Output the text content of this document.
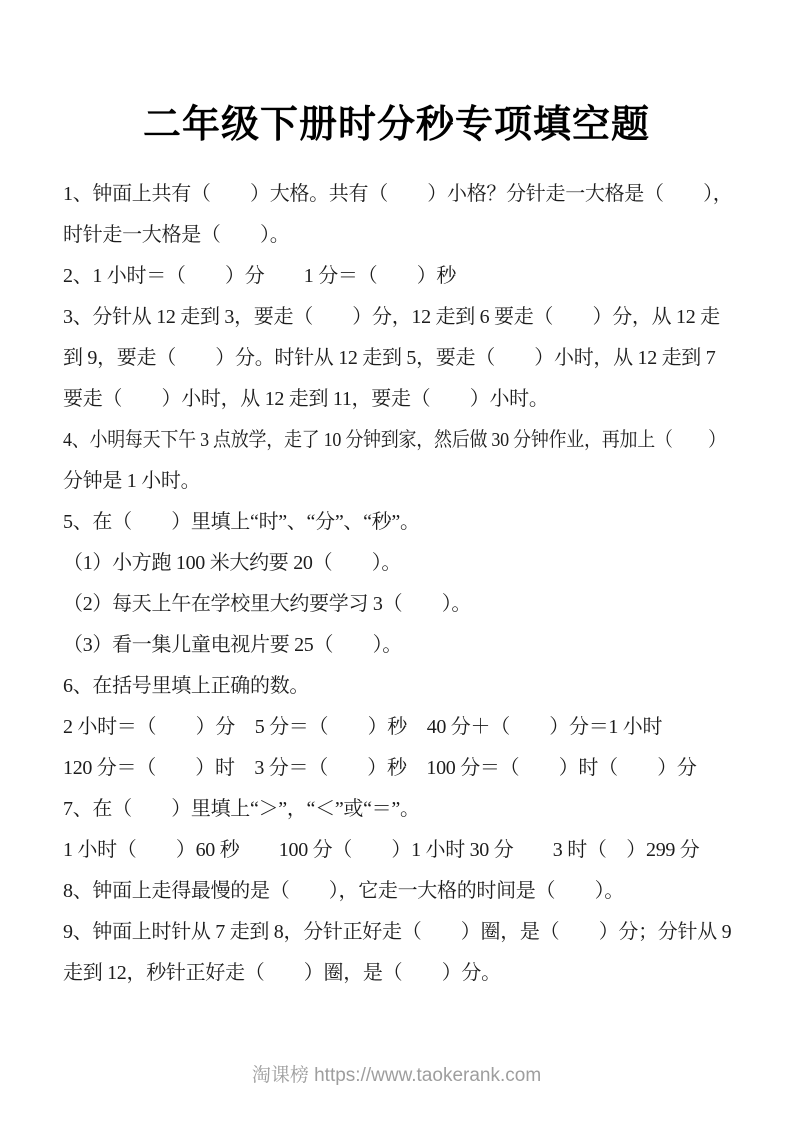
二年级下册时分秒专项填空题
1、钟面上共有（　　）大格。共有（　　）小格？分针走一大格是（　　），
时针走一大格是（　　）。
2、1 小时＝（　　）分　　1 分＝（　　）秒
3、分针从 12 走到 3，要走（　　）分，12 走到 6 要走（　　）分，从 12 走
到 9，要走（　　）分。时针从 12 走到 5，要走（　　）小时，从 12 走到 7
要走（　　）小时，从 12 走到 11，要走（　　）小时。
4、小明每天下午 3 点放学，走了 10 分钟到家，然后做 30 分钟作业，再加上（　　）
分钟是 1 小时。
5、在（　　）里填上“时”、“分”、“秒”。
（1）小方跑 100 米大约要 20（　　）。
（2）每天上午在学校里大约要学习 3（　　）。
（3）看一集儿童电视片要 25（　　）。
6、在括号里填上正确的数。
2 小时＝（　　）分　5 分＝（　　）秒　40 分＋（　　）分＝1 小时
120 分＝（　　）时　3 分＝（　　）秒　100 分＝（　　）时（　　）分
7、在（　　）里填上“＞”，“＜”或“＝”。
1 小时（　　）60 秒　　100 分（　　）1 小时 30 分　　3 时（　）299 分
8、钟面上走得最慢的是（　　），它走一大格的时间是（　　）。
9、钟面上时针从 7 走到 8，分针正好走（　　）圈，是（　　）分；分针从 9
走到 12，秒针正好走（　　）圈，是（　　）分。
淘课榜 https://www.taokerank.com
